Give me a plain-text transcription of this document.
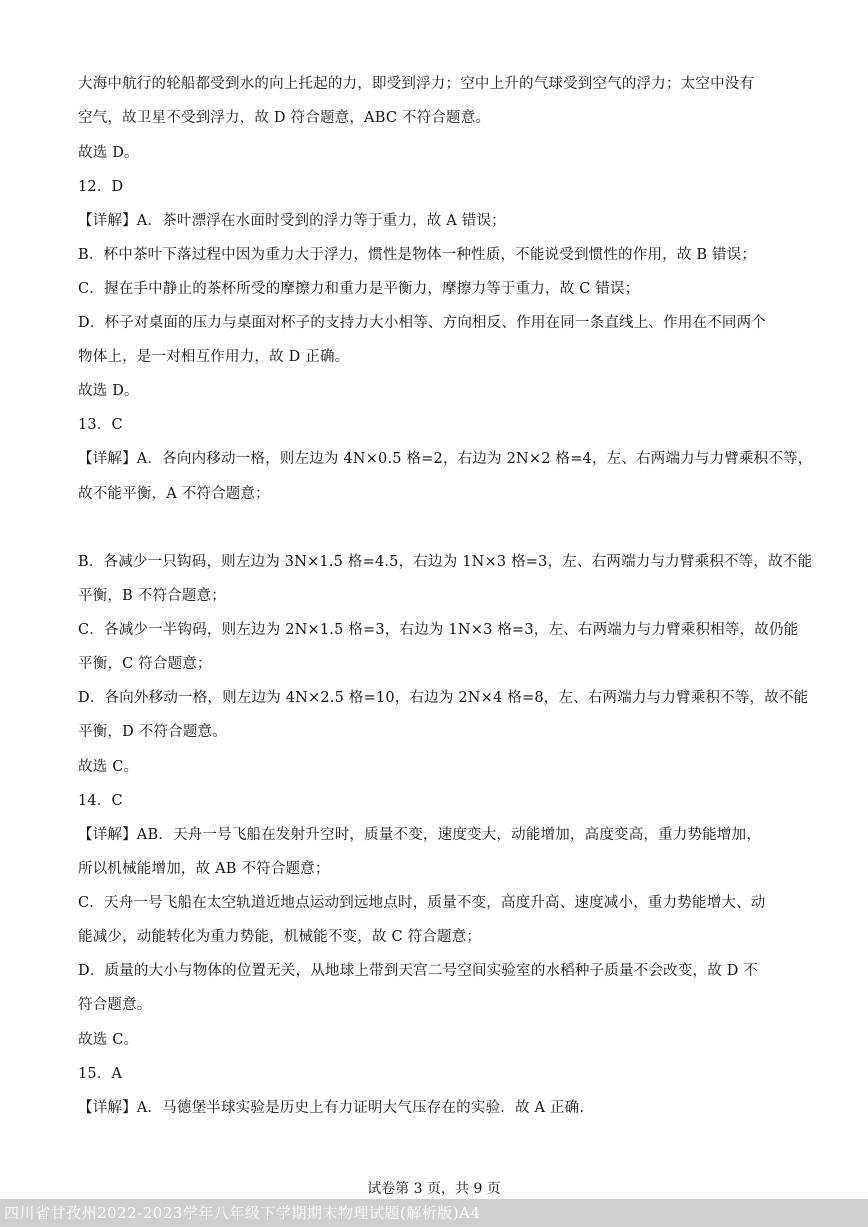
大海中航行的轮船都受到水的向上托起的力，即受到浮力；空中上升的气球受到空气的浮力；太空中没有
空气，故卫星不受到浮力，故 D 符合题意，ABC 不符合题意。
故选 D。
12．D
【详解】A．茶叶漂浮在水面时受到的浮力等于重力，故 A 错误；
B．杯中茶叶下落过程中因为重力大于浮力，惯性是物体一种性质，不能说受到惯性的作用，故 B 错误；
C．握在手中静止的茶杯所受的摩擦力和重力是平衡力，摩擦力等于重力，故 C 错误；
D．杯子对桌面的压力与桌面对杯子的支持力大小相等、方向相反、作用在同一条直线上、作用在不同两个
物体上，是一对相互作用力，故 D 正确。
故选 D。
13．C
【详解】A．各向内移动一格，则左边为 4N×0.5 格=2，右边为 2N×2 格=4，左、右两端力与力臂乘积不等，
故不能平衡，A 不符合题意；
B．各减少一只钩码，则左边为 3N×1.5 格=4.5，右边为 1N×3 格=3，左、右两端力与力臂乘积不等，故不能
平衡，B 不符合题意；
C．各减少一半钩码，则左边为 2N×1.5 格=3，右边为 1N×3 格=3，左、右两端力与力臂乘积相等，故仍能
平衡，C 符合题意；
D．各向外移动一格，则左边为 4N×2.5 格=10，右边为 2N×4 格=8，左、右两端力与力臂乘积不等，故不能
平衡，D 不符合题意。
故选 C。
14．C
【详解】AB．天舟一号飞船在发射升空时，质量不变，速度变大，动能增加，高度变高，重力势能增加，
所以机械能增加，故 AB 不符合题意；
C．天舟一号飞船在太空轨道近地点运动到远地点时，质量不变，高度升高、速度减小，重力势能增大、动
能减少，动能转化为重力势能，机械能不变，故 C 符合题意；
D．质量的大小与物体的位置无关，从地球上带到天宫二号空间实验室的水稻种子质量不会改变，故 D 不
符合题意。
故选 C。
15．A
【详解】A．马德堡半球实验是历史上有力证明大气压存在的实验．故 A 正确.
试卷第 3 页，共 9 页
四川省甘孜州2022-2023学年八年级下学期期末物理试题(解析版)A4
